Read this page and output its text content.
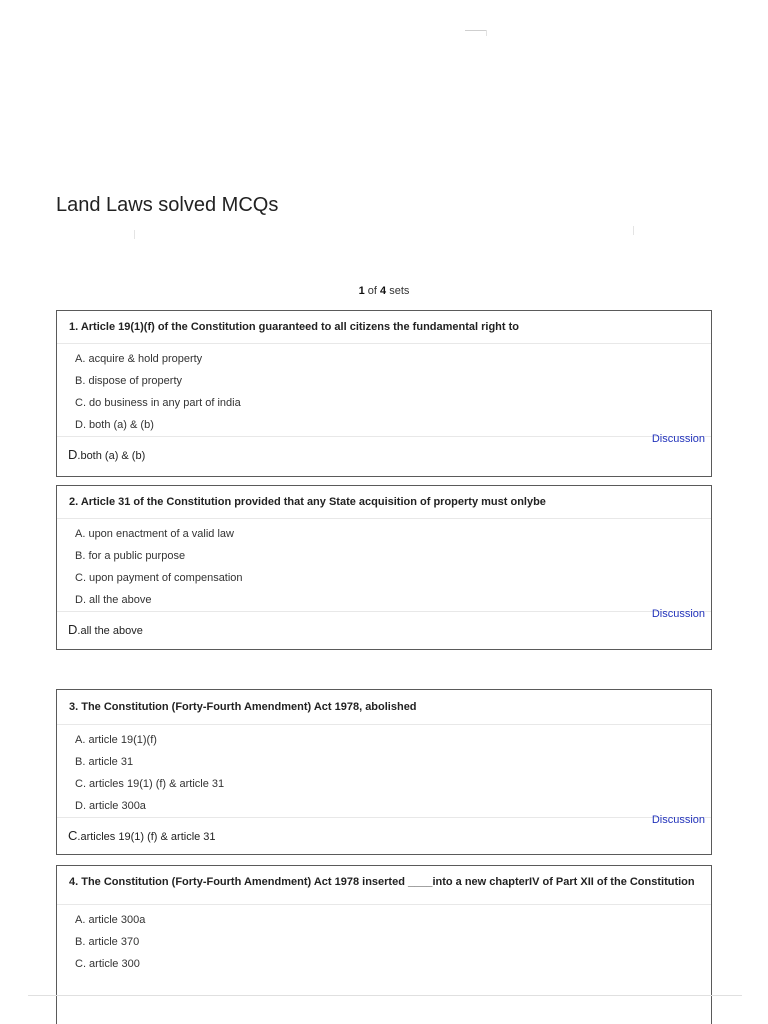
Land Laws solved MCQs
1 of 4 sets
1. Article 19(1)(f) of the Constitution guaranteed to all citizens the fundamental right to
A. acquire & hold property
B. dispose of property
C. do business in any part of india
D. both (a) & (b)
D.both (a) & (b)
Discussion
2. Article 31 of the Constitution provided that any State acquisition of property must onlybe
A. upon enactment of a valid law
B. for a public purpose
C. upon payment of compensation
D. all the above
D.all the above
Discussion
3. The Constitution (Forty-Fourth Amendment) Act 1978, abolished
A. article 19(1)(f)
B. article 31
C. articles 19(1) (f) & article 31
D. article 300a
C.articles 19(1) (f) & article 31
Discussion
4. The Constitution (Forty-Fourth Amendment) Act 1978 inserted ____into a new chapterIV of Part XII of the Constitution
A. article 300a
B. article 370
C. article 300
